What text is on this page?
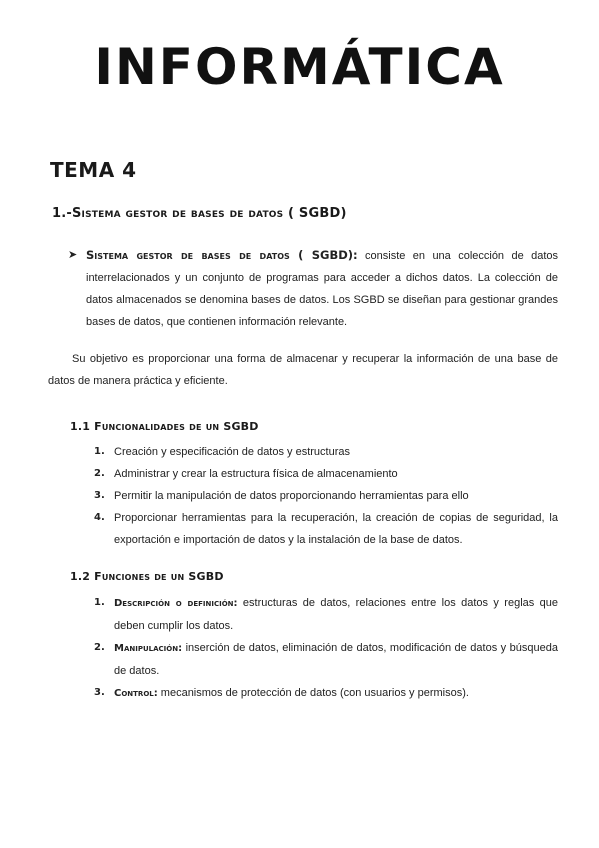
INFORMÁTICA
TEMA 4
1.-Sistema gestor de bases de datos ( SGBD)
➤ Sistema gestor de bases de datos ( SGBD): consiste en una colección de datos interrelacionados y un conjunto de programas para acceder a dichos datos. La colección de datos almacenados se denomina bases de datos. Los SGBD se diseñan para gestionar grandes bases de datos, que contienen información relevante.
Su objetivo es proporcionar una forma de almacenar y recuperar la información de una base de datos de manera práctica y eficiente.
1.1 Funcionalidades de un SGBD
1. Creación y especificación de datos y estructuras
2. Administrar y crear la estructura física de almacenamiento
3. Permitir la manipulación de datos proporcionando herramientas para ello
4. Proporcionar herramientas para la recuperación, la creación de copias de seguridad, la exportación e importación de datos y la instalación de la base de datos.
1.2 Funciones de un SGBD
1. Descripción o definición: estructuras de datos, relaciones entre los datos y reglas que deben cumplir los datos.
2. Manipulación: inserción de datos, eliminación de datos, modificación de datos y búsqueda de datos.
3. Control: mecanismos de protección de datos (con usuarios y permisos).
